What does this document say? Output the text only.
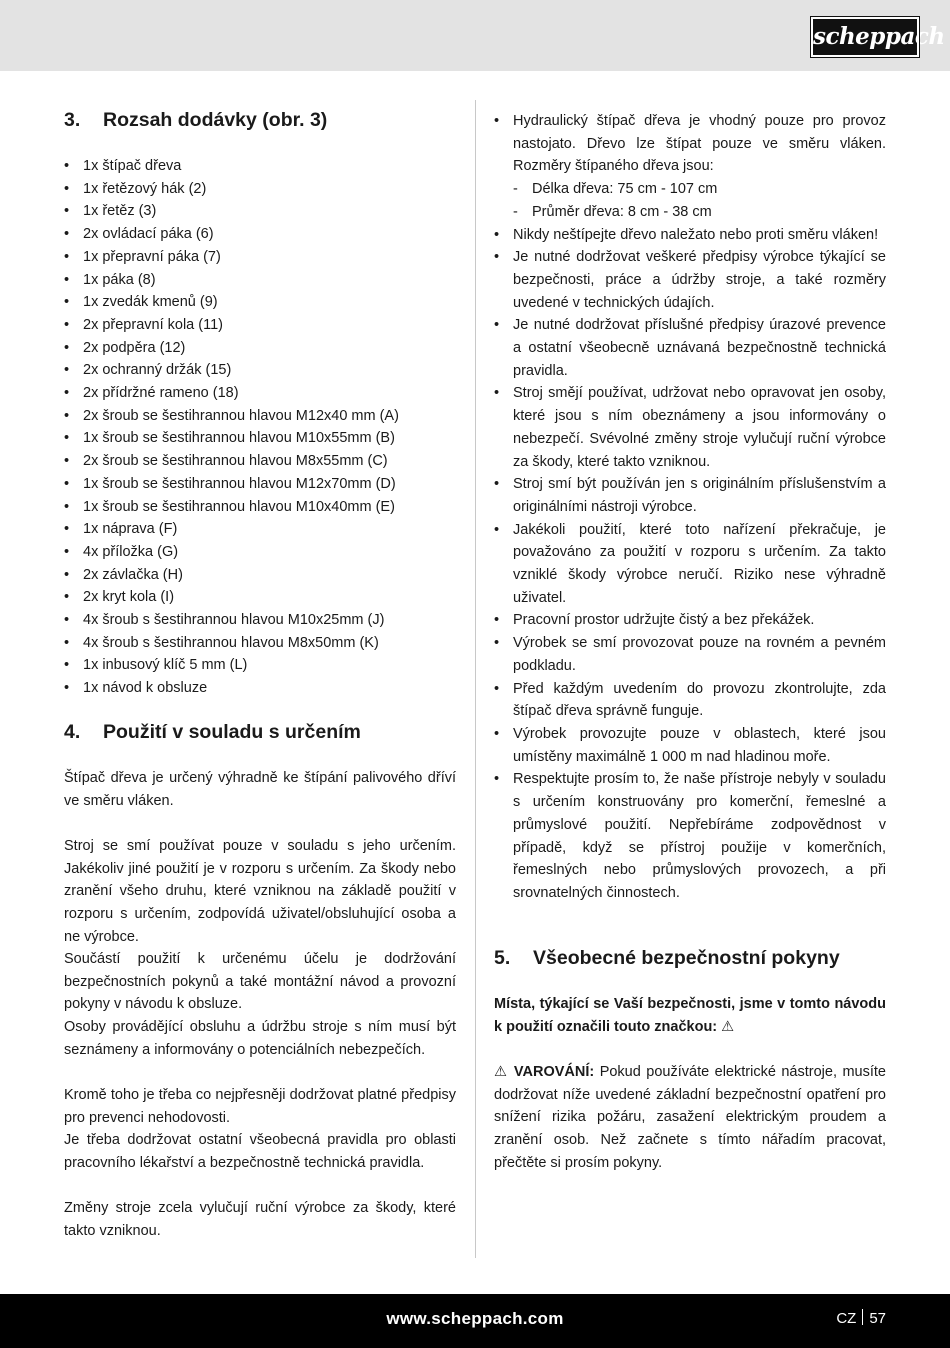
scheppach
3. Rozsah dodávky (obr. 3)
• 1x štípač dřeva
• 1x řetězový hák (2)
• 1x řetěz (3)
• 2x ovládací páka (6)
• 1x přepravní páka (7)
• 1x páka (8)
• 1x zvedák kmenů (9)
• 2x přepravní kola (11)
• 2x podpěra (12)
• 2x ochranný držák (15)
• 2x přídržné rameno (18)
• 2x šroub se šestihrannou hlavou M12x40 mm (A)
• 1x šroub se šestihrannou hlavou M10x55mm (B)
• 2x šroub se šestihrannou hlavou M8x55mm (C)
• 1x šroub se šestihrannou hlavou M12x70mm (D)
• 1x šroub se šestihrannou hlavou M10x40mm (E)
• 1x náprava (F)
• 4x příložka (G)
• 2x závlačka (H)
• 2x kryt kola (I)
• 4x šroub s šestihrannou hlavou M10x25mm (J)
• 4x šroub s šestihrannou hlavou M8x50mm (K)
• 1x inbusový klíč 5 mm (L)
• 1x návod k obsluze
4. Použití v souladu s určením

Štípač dřeva je určený výhradně ke štípání palivového dříví ve směru vláken.

Stroj se smí používat pouze v souladu s jeho určením. Jakékoliv jiné použití je v rozporu s určením. Za škody nebo zranění všeho druhu, které vzniknou na základě použití v rozporu s určením, zodpovídá uživatel/obsluhující osoba a ne výrobce.

Součástí použití k určenému účelu je dodržování bezpečnostních pokynů a také montážní návod a provozní pokyny v návodu k obsluze.

Osoby provádějící obsluhu a údržbu stroje s ním musí být seznámeny a informovány o potenciálních nebezpečích.

Kromě toho je třeba co nejpřesněji dodržovat platné předpisy pro prevenci nehodovosti.

Je třeba dodržovat ostatní všeobecná pravidla pro oblasti pracovního lékařství a bezpečnostně technická pravidla.

Změny stroje zcela vylučují ruční výrobce za škody, které takto vzniknou.

• Hydraulický štípač dřeva je vhodný pouze pro provoz nastojato. Dřevo lze štípat pouze ve směru vláken. Rozměry štípaného dřeva jsou:
- Délka dřeva: 75 cm - 107 cm
- Průměr dřeva: 8 cm - 38 cm
• Nikdy neštípejte dřevo naležato nebo proti směru vláken!
• Je nutné dodržovat veškeré předpisy výrobce týkající se bezpečnosti, práce a údržby stroje, a také rozměry uvedené v technických údajích.
• Je nutné dodržovat příslušné předpisy úrazové prevence a ostatní všeobecně uznávaná bezpečnostně technická pravidla.
• Stroj smějí používat, udržovat nebo opravovat jen osoby, které jsou s ním obeznámeny a jsou informovány o nebezpečí. Svévolné změny stroje vylučují ruční výrobce za škody, které takto vzniknou.
• Stroj smí být používán jen s originálním příslušenstvím a originálními nástroji výrobce.
• Jakékoli použití, které toto nařízení překračuje, je považováno za použití v rozporu s určením. Za takto vzniklé škody výrobce neručí. Riziko nese výhradně uživatel.
• Pracovní prostor udržujte čistý a bez překážek.
• Výrobek se smí provozovat pouze na rovném a pevném podkladu.
• Před každým uvedením do provozu zkontrolujte, zda štípač dřeva správně funguje.
• Výrobek provozujte pouze v oblastech, které jsou umístěny maximálně 1 000 m nad hladinou moře.
• Respektujte prosím to, že naše přístroje nebyly v souladu s určením konstruovány pro komerční, řemeslné a průmyslové použití. Nepřebíráme zodpovědnost v případě, když se přístroj použije v komerčních, řemeslných nebo průmyslových provozech, a při srovnatelných činnostech.
5. Všeobecné bezpečnostní pokyny

Místa, týkající se Vaší bezpečnosti, jsme v tomto návodu k použití označili touto značkou: ⚠

⚠ VAROVÁNÍ: Pokud používáte elektrické nástroje, musíte dodržovat níže uvedené základní bezpečnostní opatření pro snížení rizika požáru, zasažení elektrickým proudem a zranění osob. Než začnete s tímto nářadím pracovat, přečtěte si prosím pokyny.

www.scheppach.com	CZ 57
